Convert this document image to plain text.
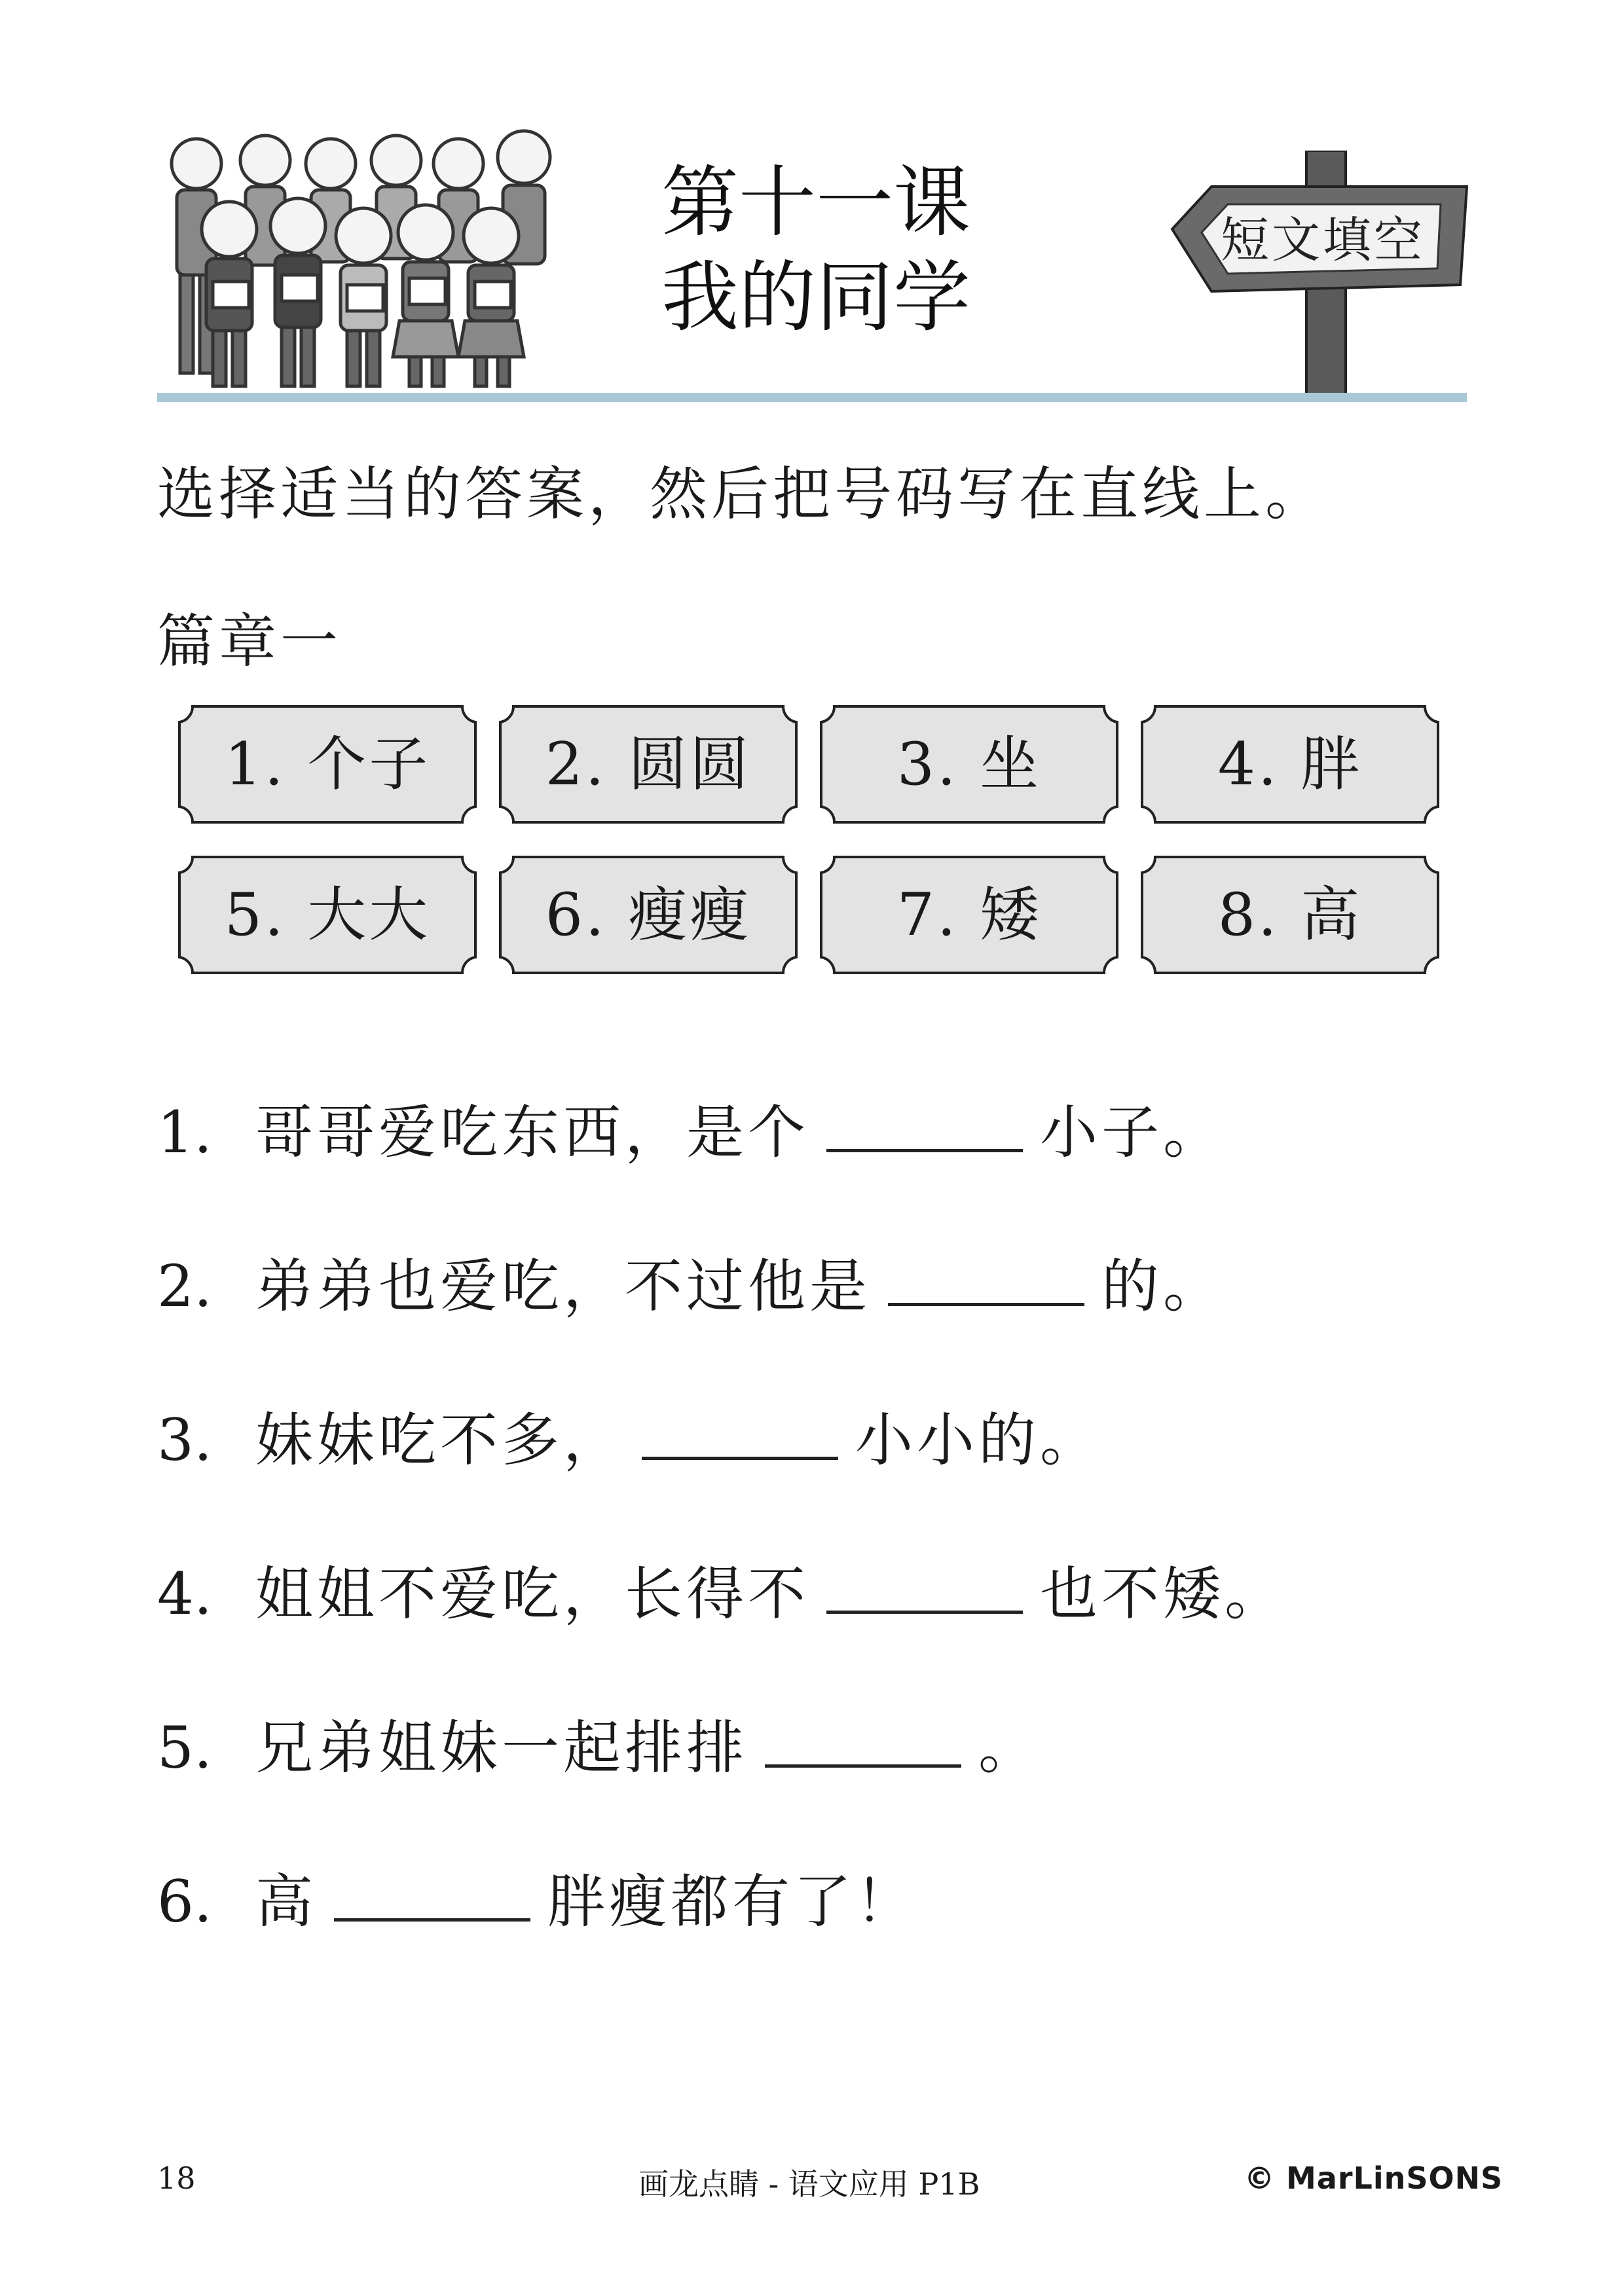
第十一课
我的同学
短文填空
选择适当的答案，然后把号码写在直线上。
篇章一
1. 个子	2. 圆圆	3. 坐	4. 胖
5. 大大	6. 瘦瘦	7. 矮	8. 高
1. 哥哥爱吃东西，是个	小子。
2. 弟弟也爱吃，不过他是	的。
3. 妹妹吃不多，	小小的。
4. 姐姐不爱吃，长得不	也不矮。
5. 兄弟姐妹一起排排	。
6. 高	胖瘦都有了！
18	画龙点睛 - 语文应用 P1B	© MarLinSONS
